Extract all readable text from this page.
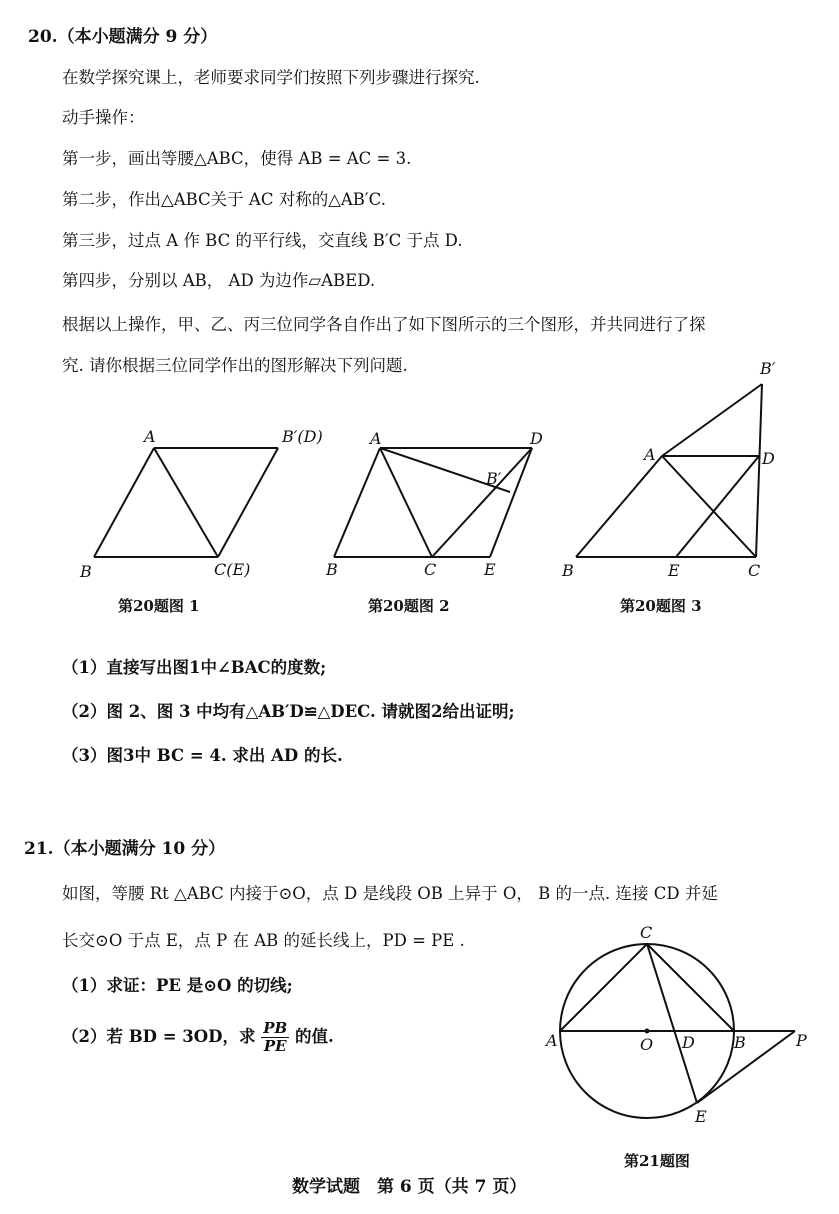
20.（本小题满分 9 分）
在数学探究课上，老师要求同学们按照下列步骤进行探究.
动手操作：
第一步，画出等腰△ABC，使得 AB = AC = 3.
第二步，作出△ABC关于 AC 对称的△AB′C.
第三步，过点 A 作 BC 的平行线，交直线 B′C 于点 D.
第四步，分别以 AB， AD 为边作▱ABED.
根据以上操作，甲、乙、丙三位同学各自作出了如下图所示的三个图形，并共同进行了探
究. 请你根据三位同学作出的图形解决下列问题.
A
B
B′(D)
C(E)
A	D
B′
B	C	E
B′
A	D
B	E	C
第20题图 1	第20题图 2	第20题图 3
（1）直接写出图1中∠BAC的度数;
（2）图 2、图 3 中均有△AB′D≌△DEC. 请就图2给出证明;
（3）图3中 BC = 4. 求出 AD 的长.
21.（本小题满分 10 分）
如图，等腰 Rt △ABC 内接于⊙O，点 D 是线段 OB 上异于 O， B 的一点. 连接 CD 并延
长交⊙O 于点 E，点 P 在 AB 的延长线上，PD = PE .
（1）求证：PE 是⊙O 的切线;
（2）若 BD = 3OD，求 $\frac{PB}{PE}$ 的值.
C
A	O D B	P
E
第21题图
数学试题　第 6 页（共 7 页）
